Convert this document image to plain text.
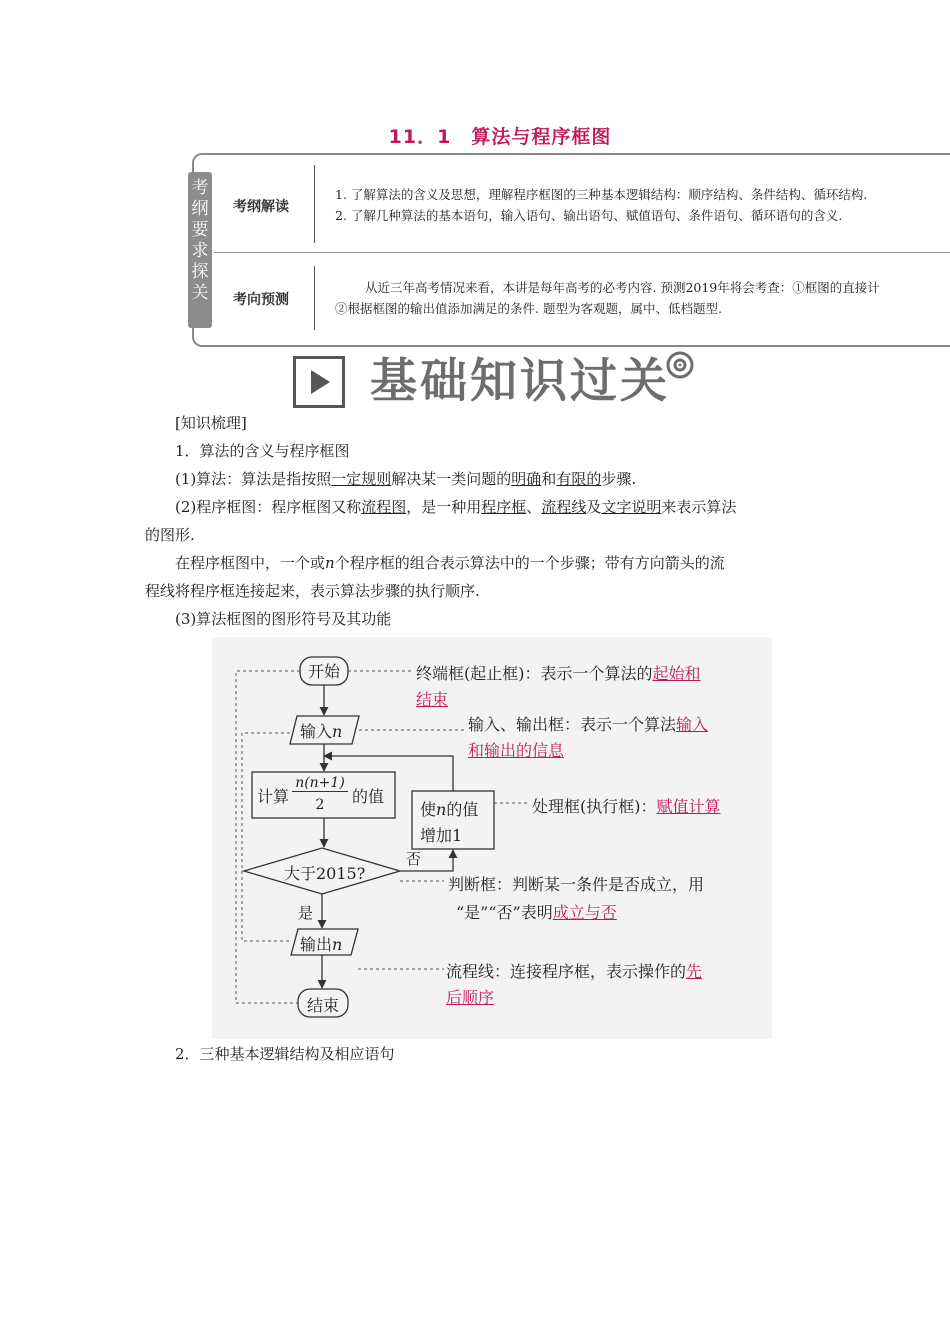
11．1　算法与程序框图
考
纲
要
求
探
关
考纲解读
1. 了解算法的含义及思想，理解程序框图的三种基本逻辑结构：顺序结构、条件结构、循环结构.
2. 了解几种算法的基本语句，输入语句、输出语句、赋值语句、条件语句、循环语句的含义.
考向预测
从近三年高考情况来看，本讲是每年高考的必考内容. 预测2019年将会考查：①框图的直接计
②根据框图的输出值添加满足的条件. 题型为客观题，属中、低档题型.
基础知识过关
[知识梳理]
1．算法的含义与程序框图
(1)算法：算法是指按照一定规则解决某一类问题的明确和有限的步骤.
(2)程序框图：程序框图又称流程图，是一种用程序框、流程线及文字说明来表示算法
的图形.
在程序框图中，一个或n个程序框的组合表示算法中的一个步骤；带有方向箭头的流
程线将程序框连接起来，表示算法步骤的执行顺序.
(3)算法框图的图形符号及其功能
开始
输入n
计算
n(n+1)
2	的值
使n的值
增加1
大于2015?
否
是
输出n
结束
终端框(起止框)：表示一个算法的起始和
结束
输入、输出框：表示一个算法输入
和输出的信息
处理框(执行框)：赋值计算
判断框：判断某一条件是否成立，用
“是”“否”表明成立与否
流程线：连接程序框，表示操作的先
后顺序
2．三种基本逻辑结构及相应语句
